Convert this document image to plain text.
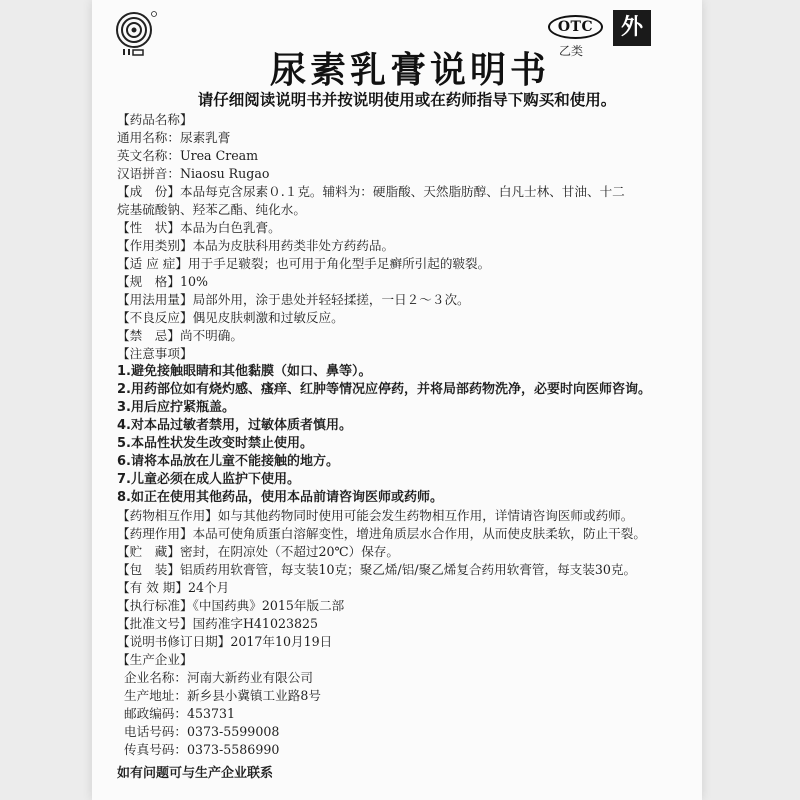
OTC
乙类
外
尿素乳膏说明书
请仔细阅读说明书并按说明使用或在药师指导下购买和使用。
【药品名称】
通用名称：尿素乳膏
英文名称：Urea Cream
汉语拼音：Niaosu Rugao
【成　份】本品每克含尿素０.１克。辅料为：硬脂酸、天然脂肪醇、白凡士林、甘油、十二
烷基硫酸钠、羟苯乙酯、纯化水。
【性　状】本品为白色乳膏。
【作用类别】本品为皮肤科用药类非处方药药品。
【适 应 症】用于手足皲裂；也可用于角化型手足癣所引起的皲裂。
【规　格】10%
【用法用量】局部外用，涂于患处并轻轻揉搓，一日２～３次。
【不良反应】偶见皮肤刺激和过敏反应。
【禁　忌】尚不明确。
【注意事项】
1.避免接触眼睛和其他黏膜（如口、鼻等）。
2.用药部位如有烧灼感、瘙痒、红肿等情况应停药，并将局部药物洗净，必要时向医师咨询。
3.用后应拧紧瓶盖。
4.对本品过敏者禁用，过敏体质者慎用。
5.本品性状发生改变时禁止使用。
6.请将本品放在儿童不能接触的地方。
7.儿童必须在成人监护下使用。
8.如正在使用其他药品，使用本品前请咨询医师或药师。
【药物相互作用】如与其他药物同时使用可能会发生药物相互作用，详情请咨询医师或药师。
【药理作用】本品可使角质蛋白溶解变性，增进角质层水合作用，从而使皮肤柔软，防止干裂。
【贮　藏】密封，在阴凉处（不超过20℃）保存。
【包　装】铝质药用软膏管，每支装10克；聚乙烯/铝/聚乙烯复合药用软膏管，每支装30克。
【有 效 期】24个月
【执行标准】《中国药典》2015年版二部
【批准文号】国药准字H41023825
【说明书修订日期】2017年10月19日
【生产企业】
企业名称：河南大新药业有限公司
生产地址：新乡县小冀镇工业路8号
邮政编码：453731
电话号码：0373-5599008
传真号码：0373-5586990
如有问题可与生产企业联系
